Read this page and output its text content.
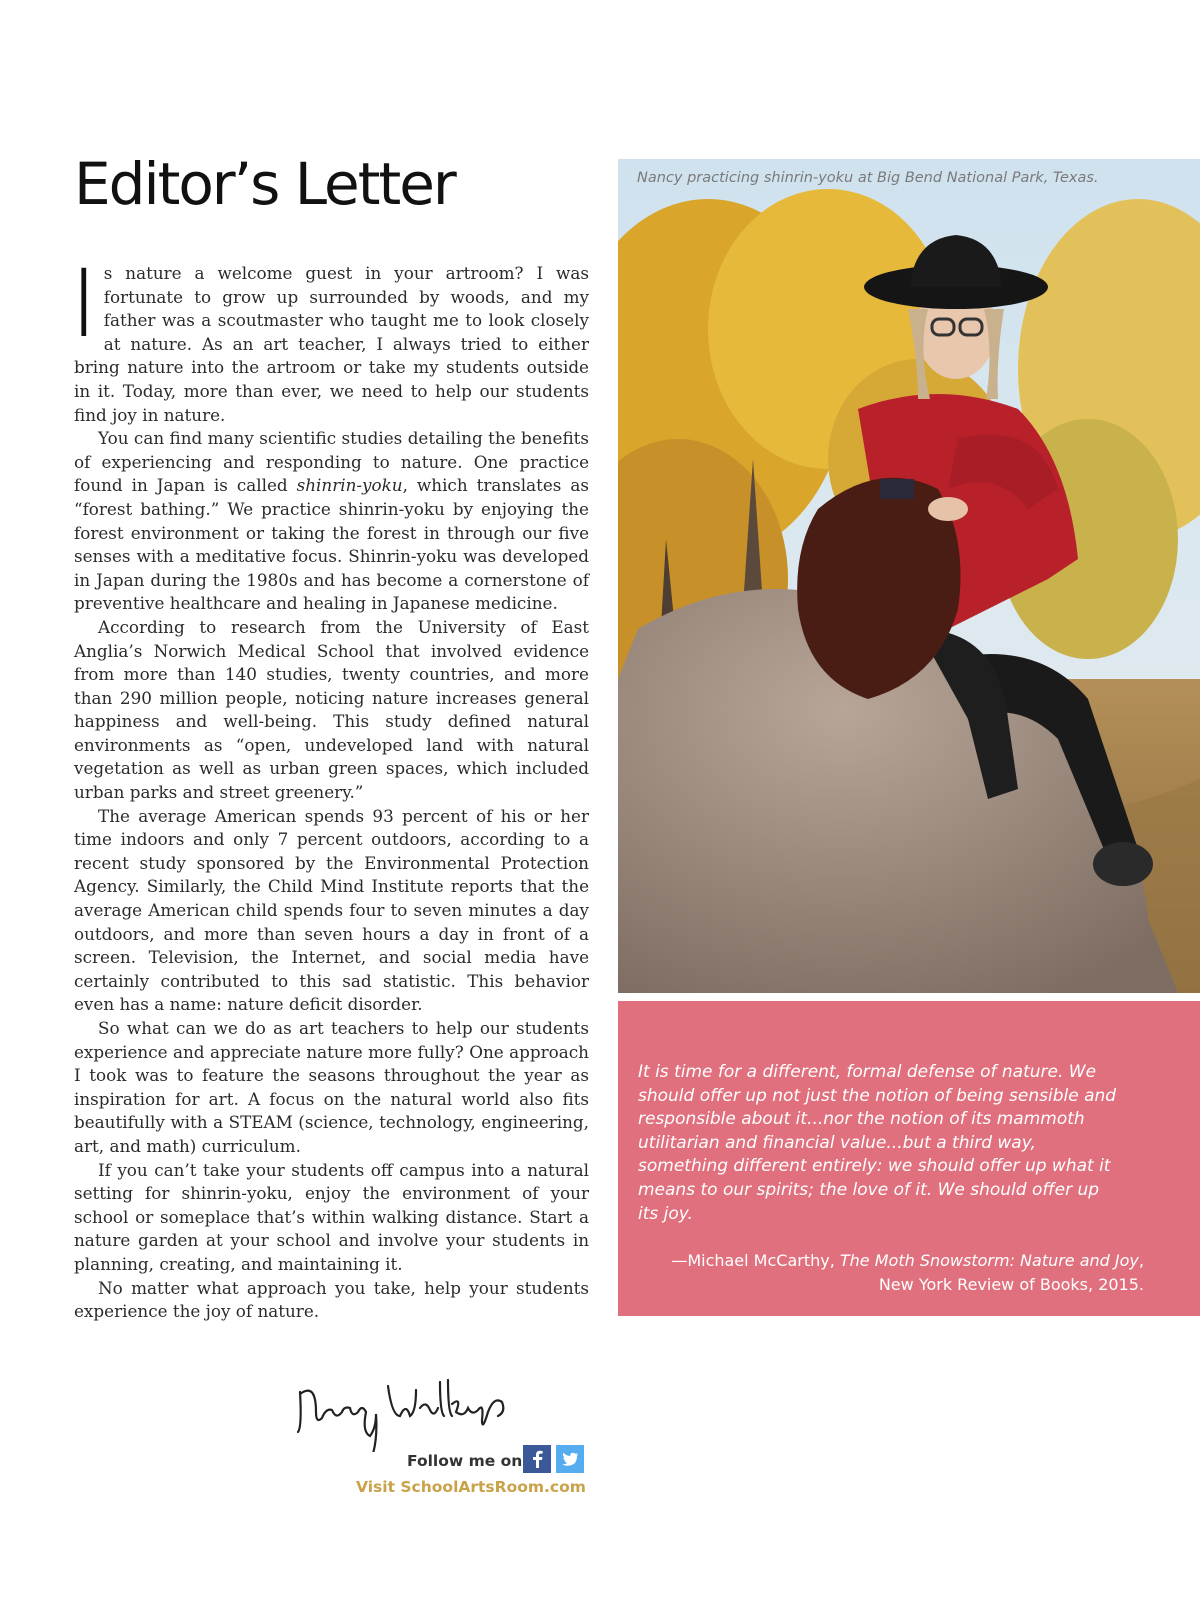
Editor’s Letter

Is nature a welcome guest in your artroom? I was fortunate to grow up surrounded by woods, and my father was a scoutmaster who taught me to look closely at nature. As an art teacher, I always tried to either bring nature into the artroom or take my students outside in it. Today, more than ever, we need to help our students find joy in nature.

You can find many scientific studies detailing the benefits of experiencing and responding to nature. One practice found in Japan is called shinrin-yoku, which translates as “forest bathing.” We practice shinrin-yoku by enjoying the forest environment or taking the forest in through our five senses with a meditative focus. Shinrin-yoku was developed in Japan during the 1980s and has become a cornerstone of preventive healthcare and healing in Japanese medicine.

According to research from the University of East Anglia’s Norwich Medical School that involved evidence from more than 140 studies, twenty countries, and more than 290 million people, noticing nature increases general happiness and well-being. This study defined natural environments as “open, undeveloped land with natural vegetation as well as urban green spaces, which included urban parks and street greenery.”

The average American spends 93 percent of his or her time indoors and only 7 percent outdoors, according to a recent study sponsored by the Environmental Protection Agency. Similarly, the Child Mind Institute reports that the average American child spends four to seven minutes a day outdoors, and more than seven hours a day in front of a screen. Television, the Internet, and social media have certainly contributed to this sad statistic. This behavior even has a name: nature deficit disorder.

So what can we do as art teachers to help our students experience and appreciate nature more fully? One approach I took was to feature the seasons throughout the year as inspiration for art. A focus on the natural world also fits beautifully with a STEAM (science, technology, engineering, art, and math) curriculum.

If you can’t take your students off campus into a natural setting for shinrin-yoku, enjoy the environment of your school or someplace that’s within walking distance. Start a nature garden at your school and involve your students in planning, creating, and maintaining it.

No matter what approach you take, help your students experience the joy of nature.

Nancy practicing shinrin-yoku at Big Bend National Park, Texas.
It is time for a different, formal defense of nature. We should offer up not just the notion of being sensible and responsible about it...nor the notion of its mammoth utilitarian and financial value...but a third way, something different entirely: we should offer up what it means to our spirits; the love of it. We should offer up its joy.
—Michael McCarthy, The Moth Snowstorm: Nature and Joy,
New York Review of Books, 2015.
Follow me on
Visit SchoolArtsRoom.com
